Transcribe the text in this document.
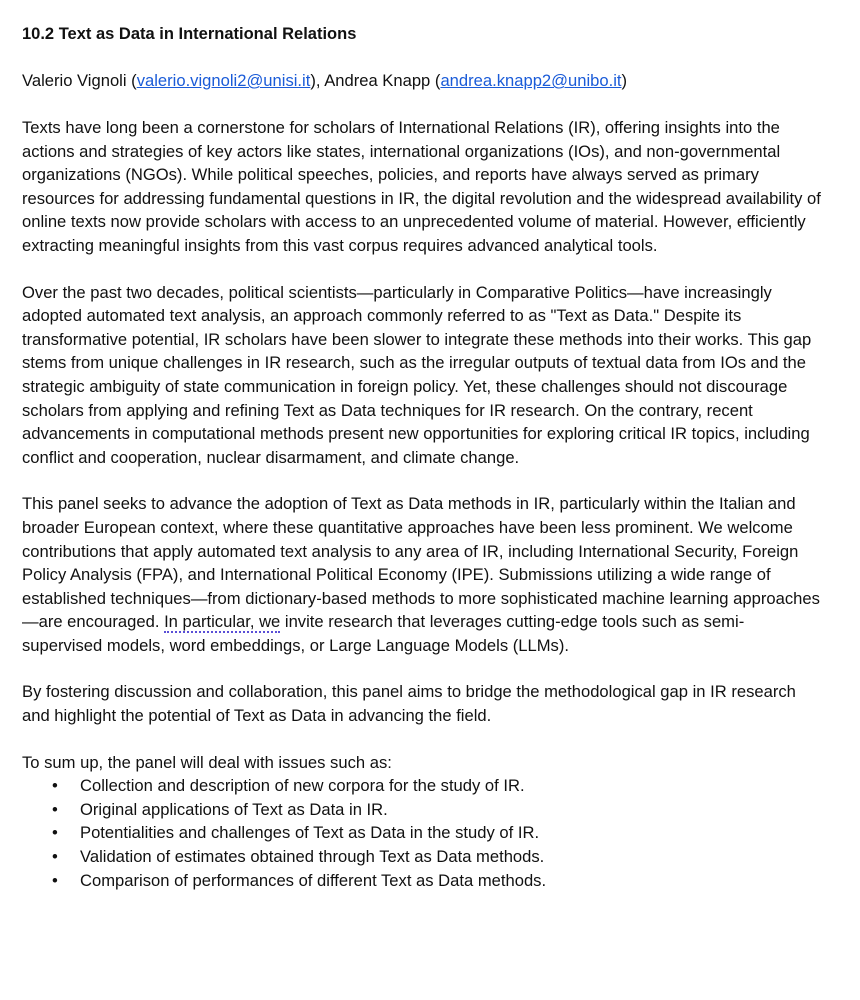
10.2 Text as Data in International Relations
Valerio Vignoli (valerio.vignoli2@unisi.it), Andrea Knapp (andrea.knapp2@unibo.it)

Texts have long been a cornerstone for scholars of International Relations (IR), offering insights into the actions and strategies of key actors like states, international organizations (IOs), and non-governmental organizations (NGOs). While political speeches, policies, and reports have always served as primary resources for addressing fundamental questions in IR, the digital revolution and the widespread availability of online texts now provide scholars with access to an unprecedented volume of material. However, efficiently extracting meaningful insights from this vast corpus requires advanced analytical tools.

Over the past two decades, political scientists—particularly in Comparative Politics—have increasingly adopted automated text analysis, an approach commonly referred to as "Text as Data." Despite its transformative potential, IR scholars have been slower to integrate these methods into their works. This gap stems from unique challenges in IR research, such as the irregular outputs of textual data from IOs and the strategic ambiguity of state communication in foreign policy. Yet, these challenges should not discourage scholars from applying and refining Text as Data techniques for IR research. On the contrary, recent advancements in computational methods present new opportunities for exploring critical IR topics, including conflict and cooperation, nuclear disarmament, and climate change.

This panel seeks to advance the adoption of Text as Data methods in IR, particularly within the Italian and broader European context, where these quantitative approaches have been less prominent. We welcome contributions that apply automated text analysis to any area of IR, including International Security, Foreign Policy Analysis (FPA), and International Political Economy (IPE). Submissions utilizing a wide range of established techniques—from dictionary-based methods to more sophisticated machine learning approaches—are encouraged. In particular, we invite research that leverages cutting-edge tools such as semi-supervised models, word embeddings, or Large Language Models (LLMs).

By fostering discussion and collaboration, this panel aims to bridge the methodological gap in IR research and highlight the potential of Text as Data in advancing the field.

To sum up, the panel will deal with issues such as:

• Collection and description of new corpora for the study of IR.
• Original applications of Text as Data in IR.
• Potentialities and challenges of Text as Data in the study of IR.
• Validation of estimates obtained through Text as Data methods.
• Comparison of performances of different Text as Data methods.
